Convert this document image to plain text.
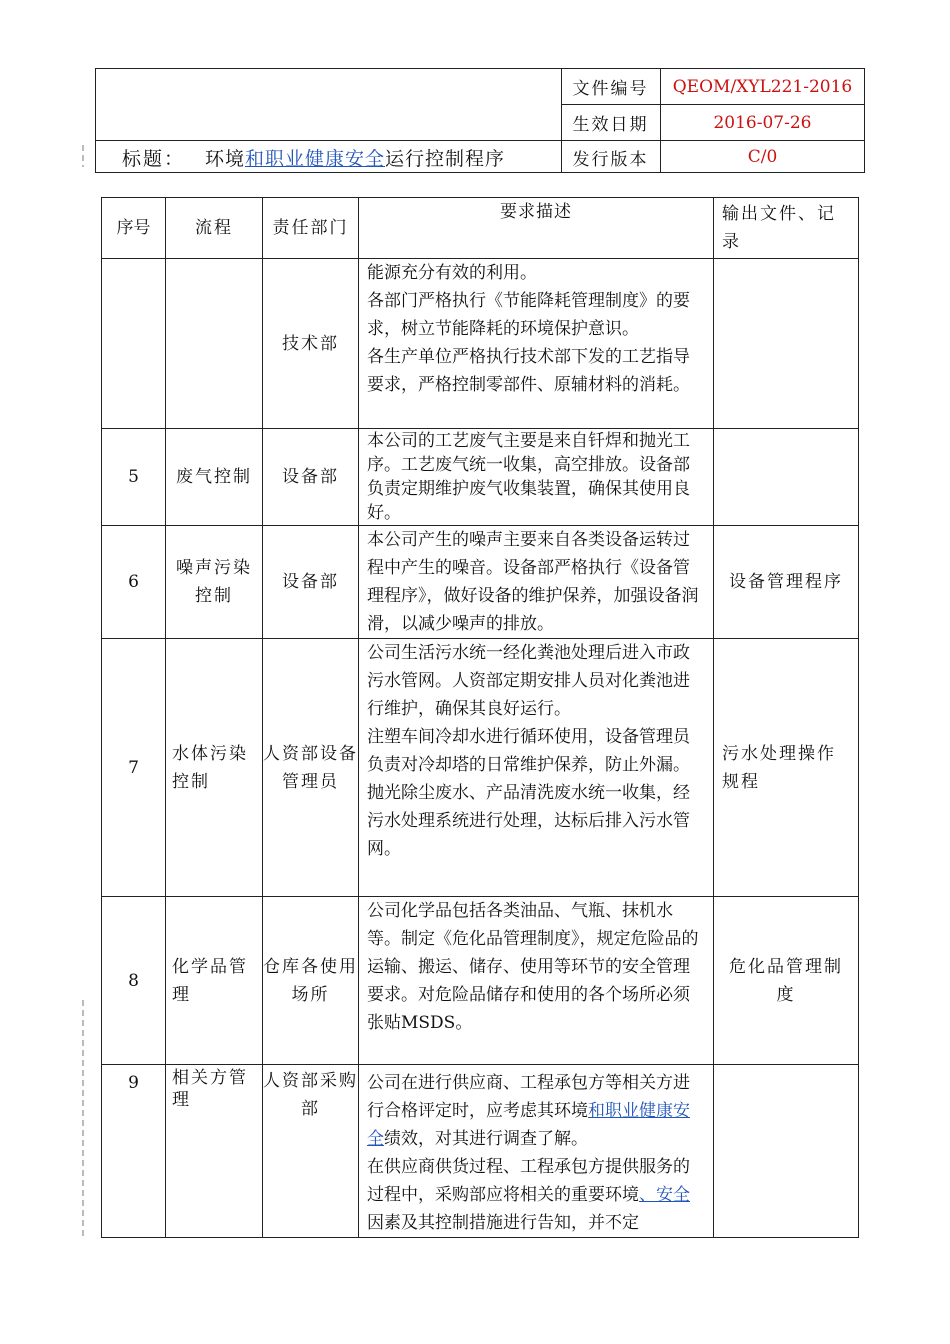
文件编号	QEOM/XYL221-2016
生效日期	2016-07-26
发行版本	C/0
标题： 环境和职业健康安全运行控制程序
序号	流程	责任部门	要求描述	输出文件、记录
		技术部	能源充分有效的利用。
各部门严格执行《节能降耗管理制度》的要求，树立节能降耗的环境保护意识。
各生产单位严格执行技术部下发的工艺指导要求，严格控制零部件、原辅材料的消耗。	

5	废气控制	设备部	本公司的工艺废气主要是来自钎焊和抛光工序。工艺废气统一收集，高空排放。设备部负责定期维护废气收集装置，确保其使用良好。	

6	噪声污染控制	设备部	本公司产生的噪声主要来自各类设备运转过程中产生的噪音。设备部严格执行《设备管理程序》，做好设备的维护保养，加强设备润滑，以减少噪声的排放。	设备管理程序
7	水体污染控制	人资部设备管理员	公司生活污水统一经化粪池处理后进入市政污水管网。人资部定期安排人员对化粪池进行维护，确保其良好运行。
注塑车间冷却水进行循环使用，设备管理员负责对冷却塔的日常维护保养，防止外漏。
抛光除尘废水、产品清洗废水统一收集，经污水处理系统进行处理，达标后排入污水管网。	污水处理操作规程
8	化学品管理	仓库各使用场所	公司化学品包括各类油品、气瓶、抹机水等。制定《危化品管理制度》，规定危险品的运输、搬运、储存、使用等环节的安全管理要求。对危险品储存和使用的各个场所必须张贴MSDS。	危化品管理制度
9	相关方管理	人资部采购部	公司在进行供应商、工程承包方等相关方进行合格评定时，应考虑其环境和职业健康安全绩效，对其进行调查了解。
在供应商供货过程、工程承包方提供服务的过程中，采购部应将相关的重要环境、安全因素及其控制措施进行告知，并不定	
